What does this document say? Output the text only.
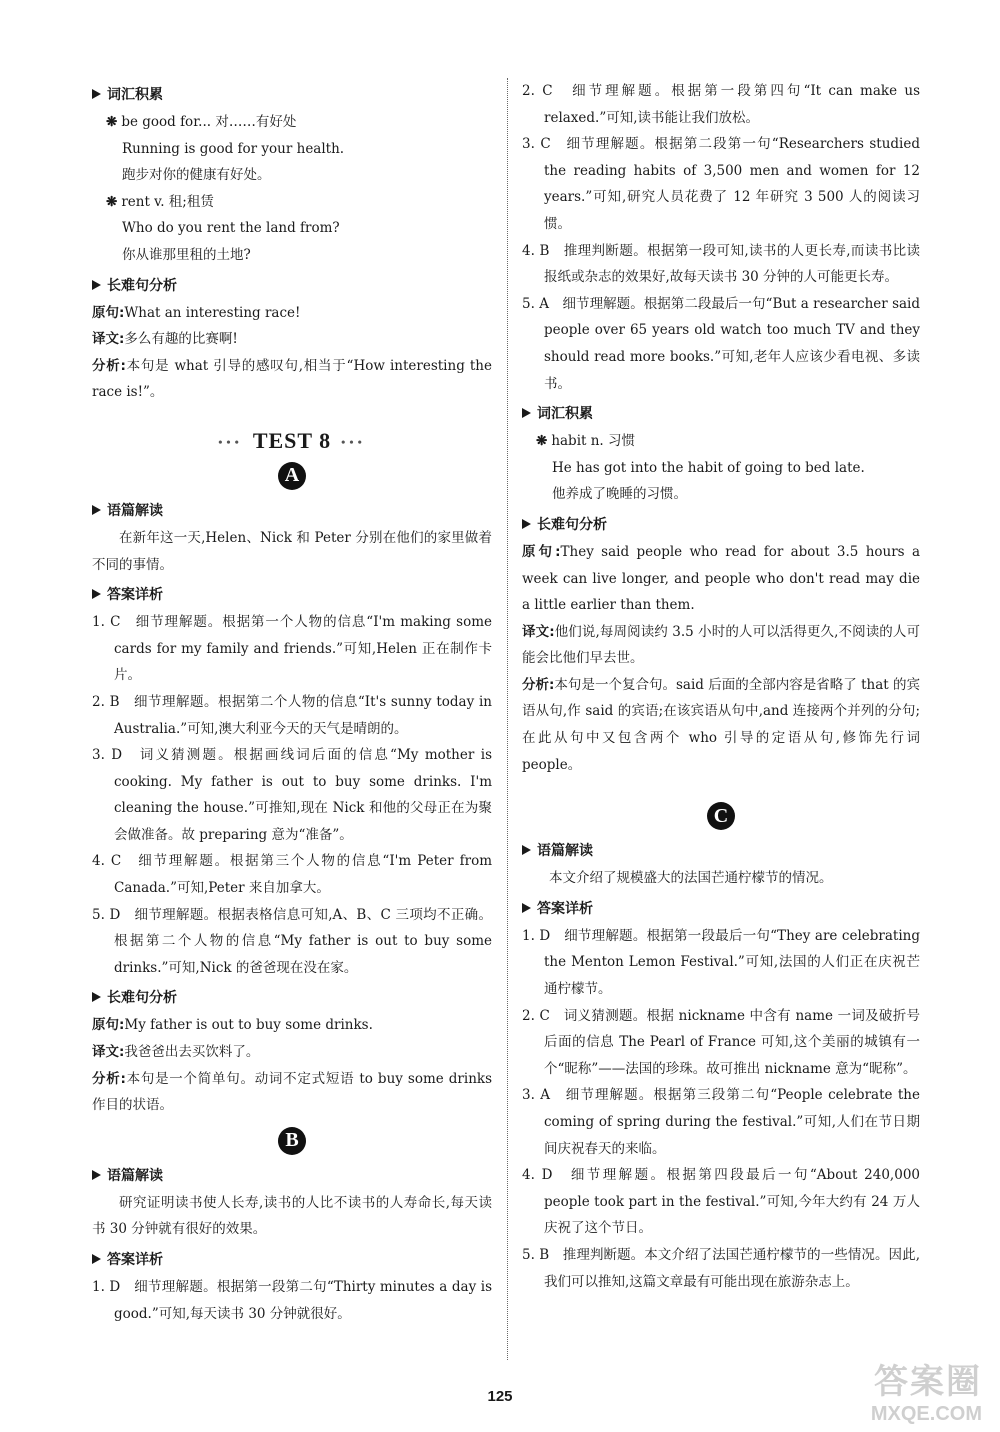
词汇积累

❋ be good for... 对……有好处

Running is good for your health.

跑步对你的健康有好处。

❋ rent v. 租;租赁

Who do you rent the land from?

你从谁那里租的土地?

长难句分析

原句:What an interesting race!

译文:多么有趣的比赛啊!

分析:本句是 what 引导的感叹句,相当于“How interesting the race is!”。

••• TEST 8 •••
A
语篇解读

在新年这一天,Helen、Nick 和 Peter 分别在他们的家里做着不同的事情。

答案详析

1. C　细节理解题。根据第一个人物的信息“I'm making some cards for my family and friends.”可知,Helen 正在制作卡片。

2. B　细节理解题。根据第二个人物的信息“It's sunny today in Australia.”可知,澳大利亚今天的天气是晴朗的。

3. D　词义猜测题。根据画线词后面的信息“My mother is cooking. My father is out to buy some drinks. I'm cleaning the house.”可推知,现在 Nick 和他的父母正在为聚会做准备。故 preparing 意为“准备”。

4. C　细节理解题。根据第三个人物的信息“I'm Peter from Canada.”可知,Peter 来自加拿大。

5. D　细节理解题。根据表格信息可知,A、B、C 三项均不正确。根据第二个人物的信息“My father is out to buy some drinks.”可知,Nick 的爸爸现在没在家。

长难句分析

原句:My father is out to buy some drinks.

译文:我爸爸出去买饮料了。

分析:本句是一个简单句。动词不定式短语 to buy some drinks 作目的状语。

B
语篇解读

研究证明读书使人长寿,读书的人比不读书的人寿命长,每天读书 30 分钟就有很好的效果。

答案详析

1. D　细节理解题。根据第一段第二句“Thirty minutes a day is good.”可知,每天读书 30 分钟就很好。

2. C　细节理解题。根据第一段第四句“It can make us relaxed.”可知,读书能让我们放松。

3. C　细节理解题。根据第二段第一句“Researchers studied the reading habits of 3,500 men and women for 12 years.”可知,研究人员花费了 12 年研究 3 500 人的阅读习惯。

4. B　推理判断题。根据第一段可知,读书的人更长寿,而读书比读报纸或杂志的效果好,故每天读书 30 分钟的人可能更长寿。

5. A　细节理解题。根据第二段最后一句“But a researcher said people over 65 years old watch too much TV and they should read more books.”可知,老年人应该少看电视、多读书。

词汇积累

❋ habit n. 习惯

He has got into the habit of going to bed late.

他养成了晚睡的习惯。

长难句分析

原句:They said people who read for about 3.5 hours a week can live longer, and people who don't read may die a little earlier than them.

译文:他们说,每周阅读约 3.5 小时的人可以活得更久,不阅读的人可能会比他们早去世。

分析:本句是一个复合句。said 后面的全部内容是省略了 that 的宾语从句,作 said 的宾语;在该宾语从句中,and 连接两个并列的分句;在此从句中又包含两个 who 引导的定语从句,修饰先行词 people。

C
语篇解读

本文介绍了规模盛大的法国芒通柠檬节的情况。

答案详析

1. D　细节理解题。根据第一段最后一句“They are celebrating the Menton Lemon Festival.”可知,法国的人们正在庆祝芒通柠檬节。

2. C　词义猜测题。根据 nickname 中含有 name 一词及破折号后面的信息 The Pearl of France 可知,这个美丽的城镇有一个“昵称”——法国的珍珠。故可推出 nickname 意为“昵称”。

3. A　细节理解题。根据第三段第二句“People celebrate the coming of spring during the festival.”可知,人们在节日期间庆祝春天的来临。

4. D　细节理解题。根据第四段最后一句“About 240,000 people took part in the festival.”可知,今年大约有 24 万人庆祝了这个节日。

5. B　推理判断题。本文介绍了法国芒通柠檬节的一些情况。因此,我们可以推知,这篇文章最有可能出现在旅游杂志上。

125	答案圈
MXQE.COM
